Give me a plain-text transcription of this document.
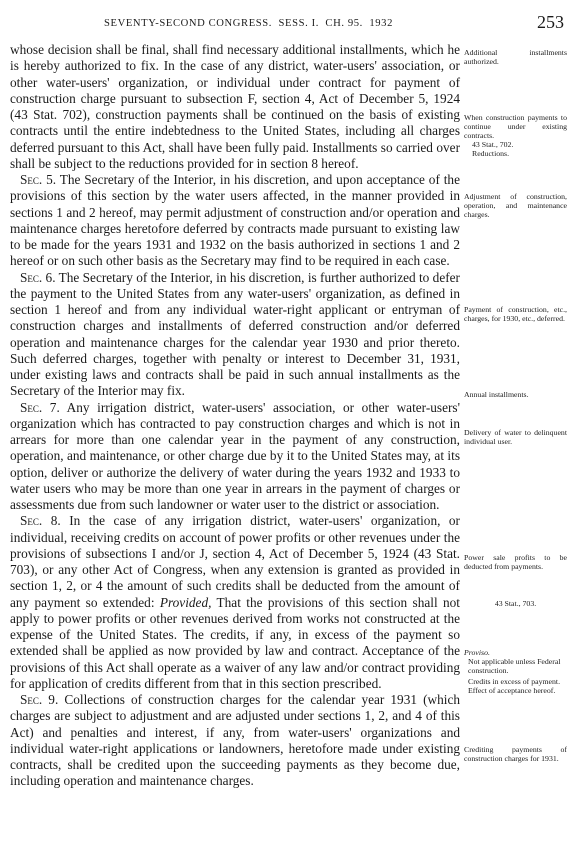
SEVENTY-SECOND CONGRESS.  SESS. I.  CH. 95.  1932	253

whose decision shall be final, shall find necessary additional installments, which he is hereby authorized to fix. In the case of any district, water-users' association, or other water-users' organization, or individual under contract for payment of construction charge pursuant to subsection F, section 4, Act of December 5, 1924 (43 Stat. 702), construction payments shall be continued on the basis of existing contracts until the entire indebtedness to the United States, including all charges deferred pursuant to this Act, shall have been fully paid. Installments so carried over shall be subject to the reductions provided for in section 8 hereof.

Sec. 5. The Secretary of the Interior, in his discretion, and upon acceptance of the provisions of this section by the water users affected, in the manner provided in sections 1 and 2 hereof, may permit adjustment of construction and/or operation and maintenance charges heretofore deferred by contracts made pursuant to existing law to be made for the years 1931 and 1932 on the basis authorized in sections 1 and 2 hereof or on such other basis as the Secretary may find to be required in each case.

Sec. 6. The Secretary of the Interior, in his discretion, is further authorized to defer the payment to the United States from any water-users' organization, as defined in section 1 hereof and from any individual water-right applicant or entryman of construction charges and installments of deferred construction and/or deferred operation and maintenance charges for the calendar year 1930 and prior thereto. Such deferred charges, together with penalty or interest to December 31, 1931, under existing laws and contracts shall be paid in such annual installments as the Secretary of the Interior may fix.

Sec. 7. Any irrigation district, water-users' association, or other water-users' organization which has contracted to pay construction charges and which is not in arrears for more than one calendar year in the payment of any construction, operation, and maintenance, or other charge due by it to the United States may, at its option, deliver or authorize the delivery of water during the years 1932 and 1933 to water users who may be more than one year in arrears in the payment of charges or assessments due from such landowner or water user to the district or association.

Sec. 8. In the case of any irrigation district, water-users' organization, or individual, receiving credits on account of power profits or other revenues under the provisions of subsections I and/or J, section 4, Act of December 5, 1924 (43 Stat. 703), or any other Act of Congress, when any extension is granted as provided in section 1, 2, or 4 the amount of such credits shall be deducted from the amount of any payment so extended: Provided, That the provisions of this section shall not apply to power profits or other revenues derived from works not constructed at the expense of the United States. The credits, if any, in excess of the payment so extended shall be applied as now provided by law and contract. Acceptance of the provisions of this Act shall operate as a waiver of any law and/or contract providing for application of credits different from that in this section prescribed.

Sec. 9. Collections of construction charges for the calendar year 1931 (which charges are subject to adjustment and are adjusted under sections 1, 2, and 4 of this Act) and penalties and interest, if any, from water-users' organizations and individual water-right applications or landowners, heretofore made under existing contracts, shall be credited upon the succeeding payments as they become due, including operation and maintenance charges.

Additional installments authorized.
When construction payments to continue under existing contracts.
43 Stat., 702.
Reductions.
Adjustment of construction, operation, and maintenance charges.
Payment of construction, etc., charges, for 1930, etc., deferred.
Annual installments.
Delivery of water to delinquent individual user.
Power sale profits to be deducted from payments.
43 Stat., 703.
Proviso.
Not applicable unless Federal construction.
Credits in excess of payment.
Effect of acceptance hereof.
Crediting payments of construction charges for 1931.
